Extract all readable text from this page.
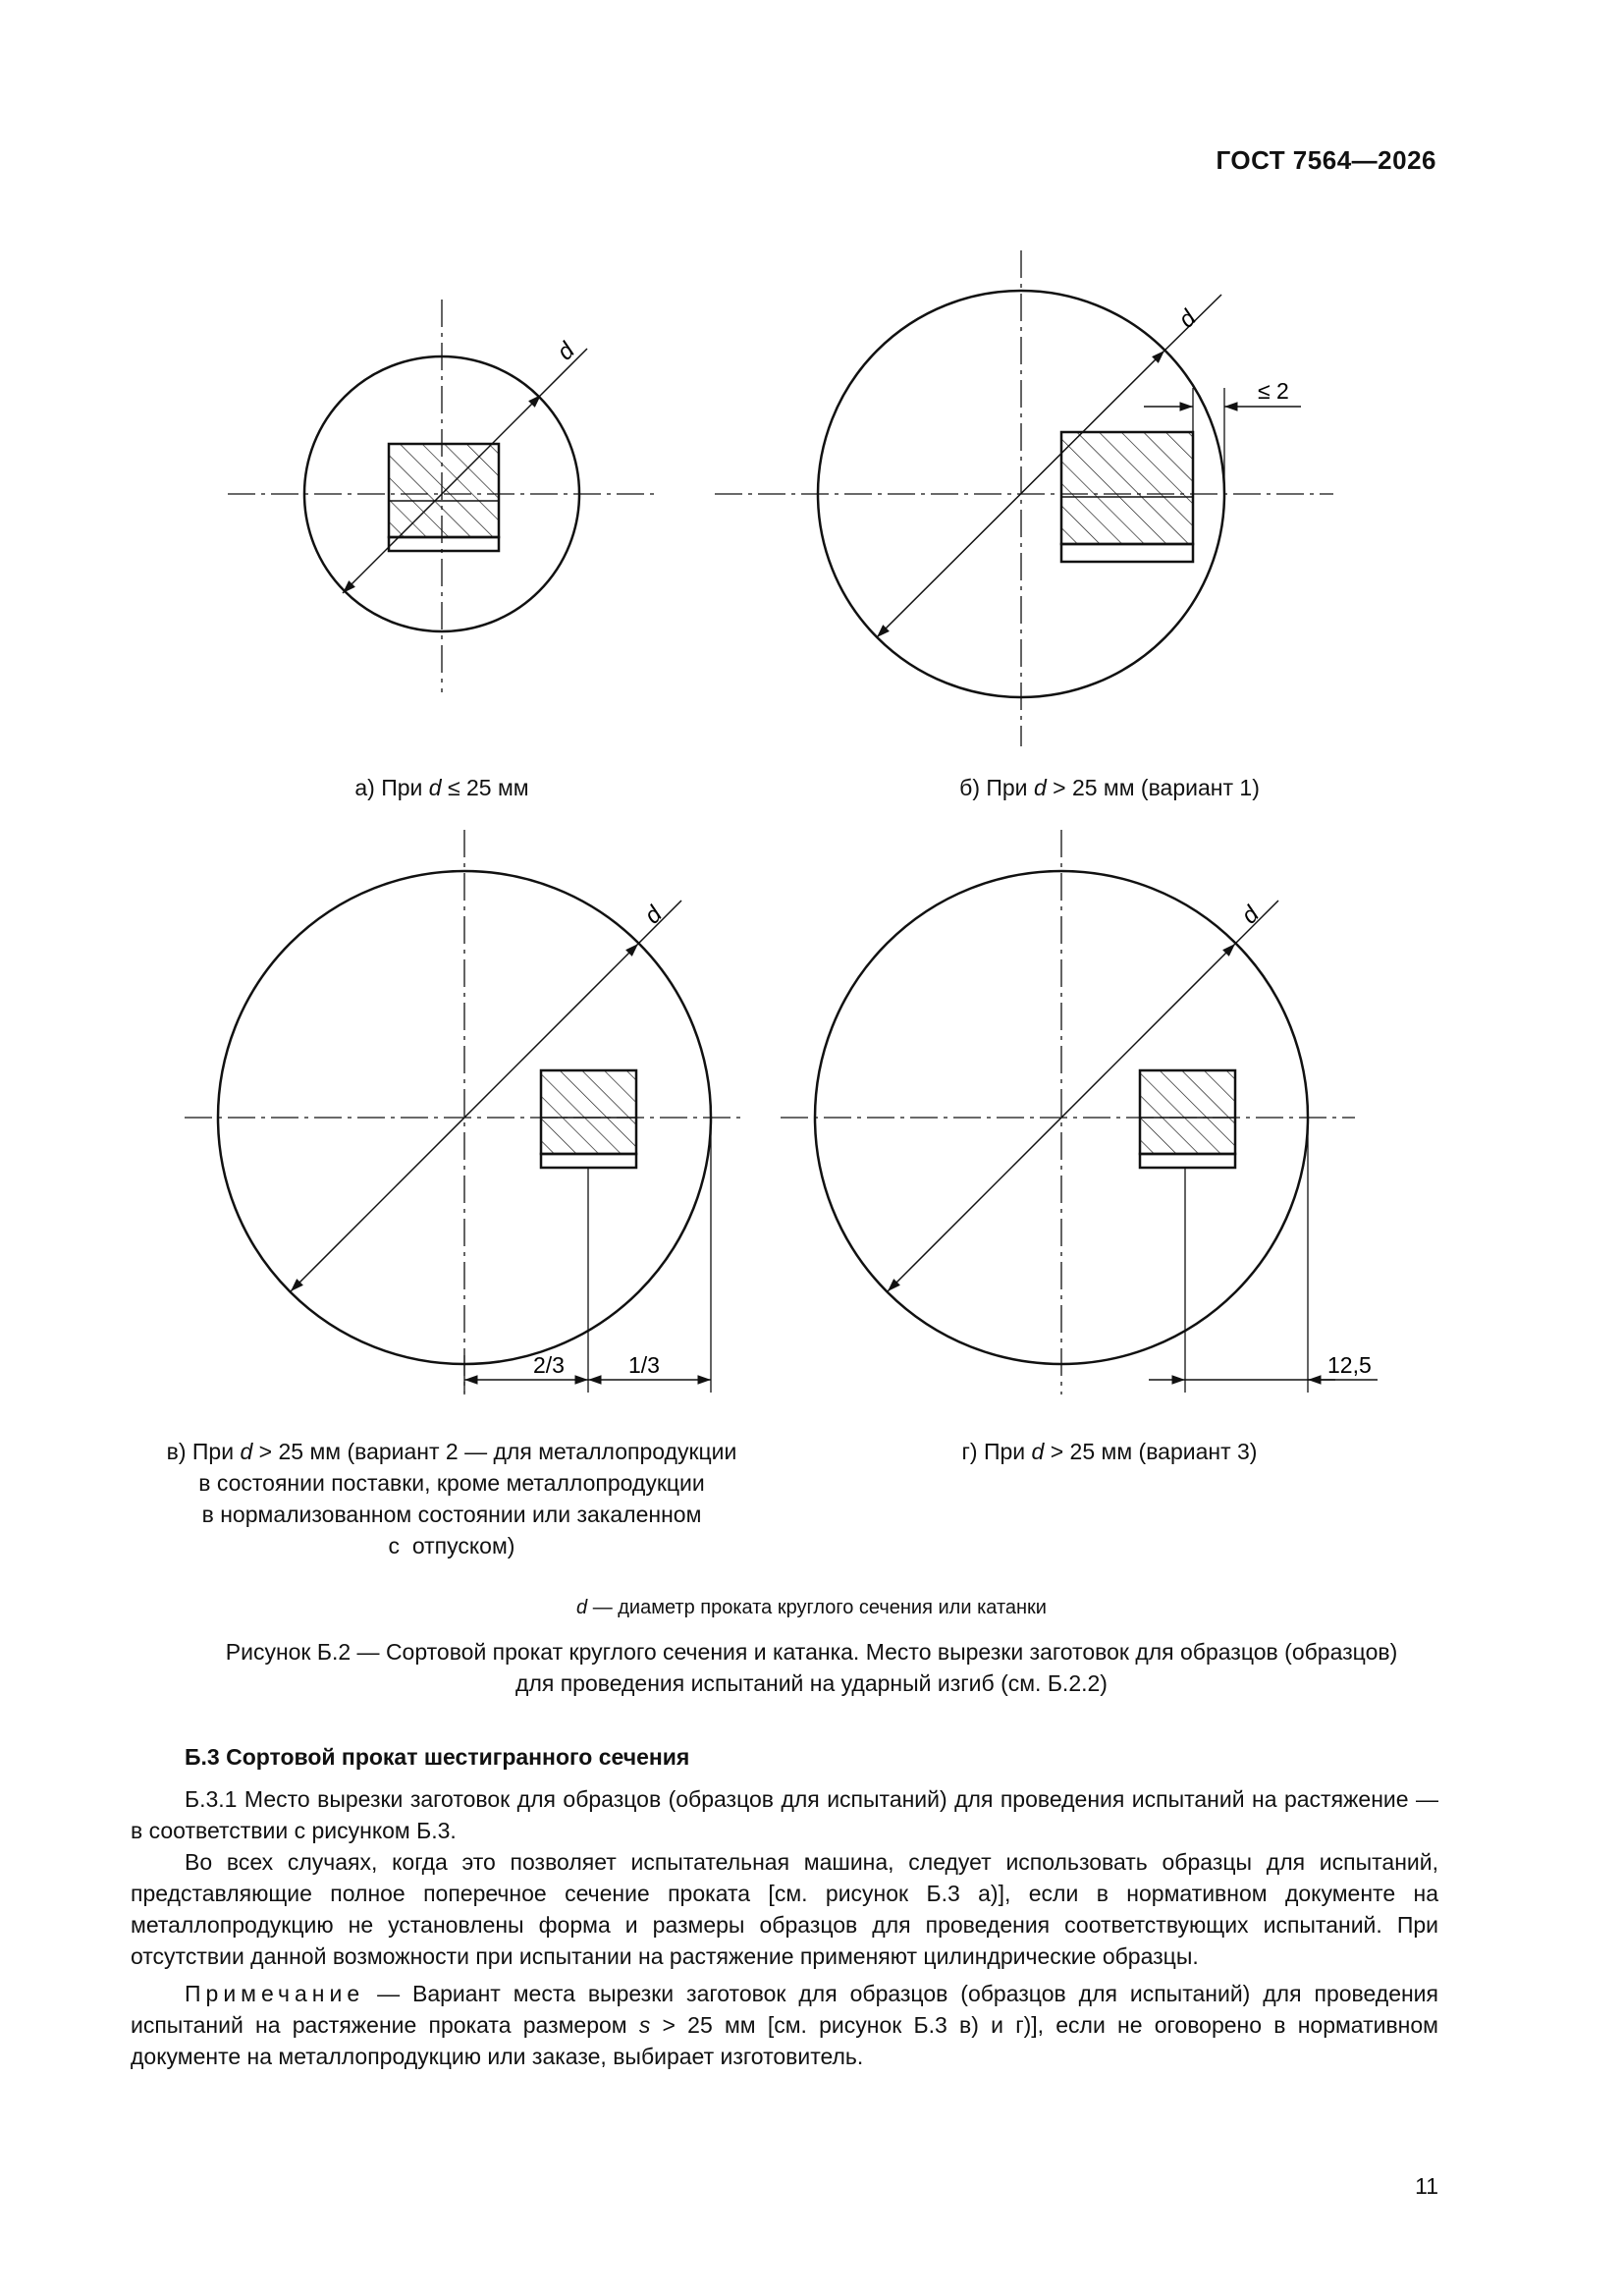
ГОСТ 7564—2026
d
d
≤ 2
d
2/3	1/3
d
12,5
а) При d ≤ 25 мм	б) При d > 25 мм (вариант 1)
в) При d > 25 мм (вариант 2 — для металлопродукции
в состоянии поставки, кроме металлопродукции
в нормализованном состоянии или закаленном
с  отпуском)
г) При d > 25 мм (вариант 3)
d — диаметр проката круглого сечения или катанки
Рисунок Б.2 — Сортовой прокат круглого сечения и катанка. Место вырезки заготовок для образцов (образцов)
для проведения испытаний на ударный изгиб (см. Б.2.2)
Б.3 Сортовой прокат шестигранного сечения
Б.3.1 Место вырезки заготовок для образцов (образцов для испытаний) для проведения испытаний на растяжение — в соответствии с рисунком Б.3.
Во всех случаях, когда это позволяет испытательная машина, следует использовать образцы для испытаний, представляющие полное поперечное сечение проката [см. рисунок Б.3 а)], если в нормативном документе на металлопродукцию не установлены форма и размеры образцов для проведения соответствующих испытаний. При отсутствии данной возможности при испытании на растяжение применяют цилиндрические образцы.
Примечание — Вариант места вырезки заготовок для образцов (образцов для испытаний) для проведения испытаний на растяжение проката размером s > 25 мм [см. рисунок Б.3 в) и г)], если не оговорено в нормативном документе на металлопродукцию или заказе, выбирает изготовитель.
11
